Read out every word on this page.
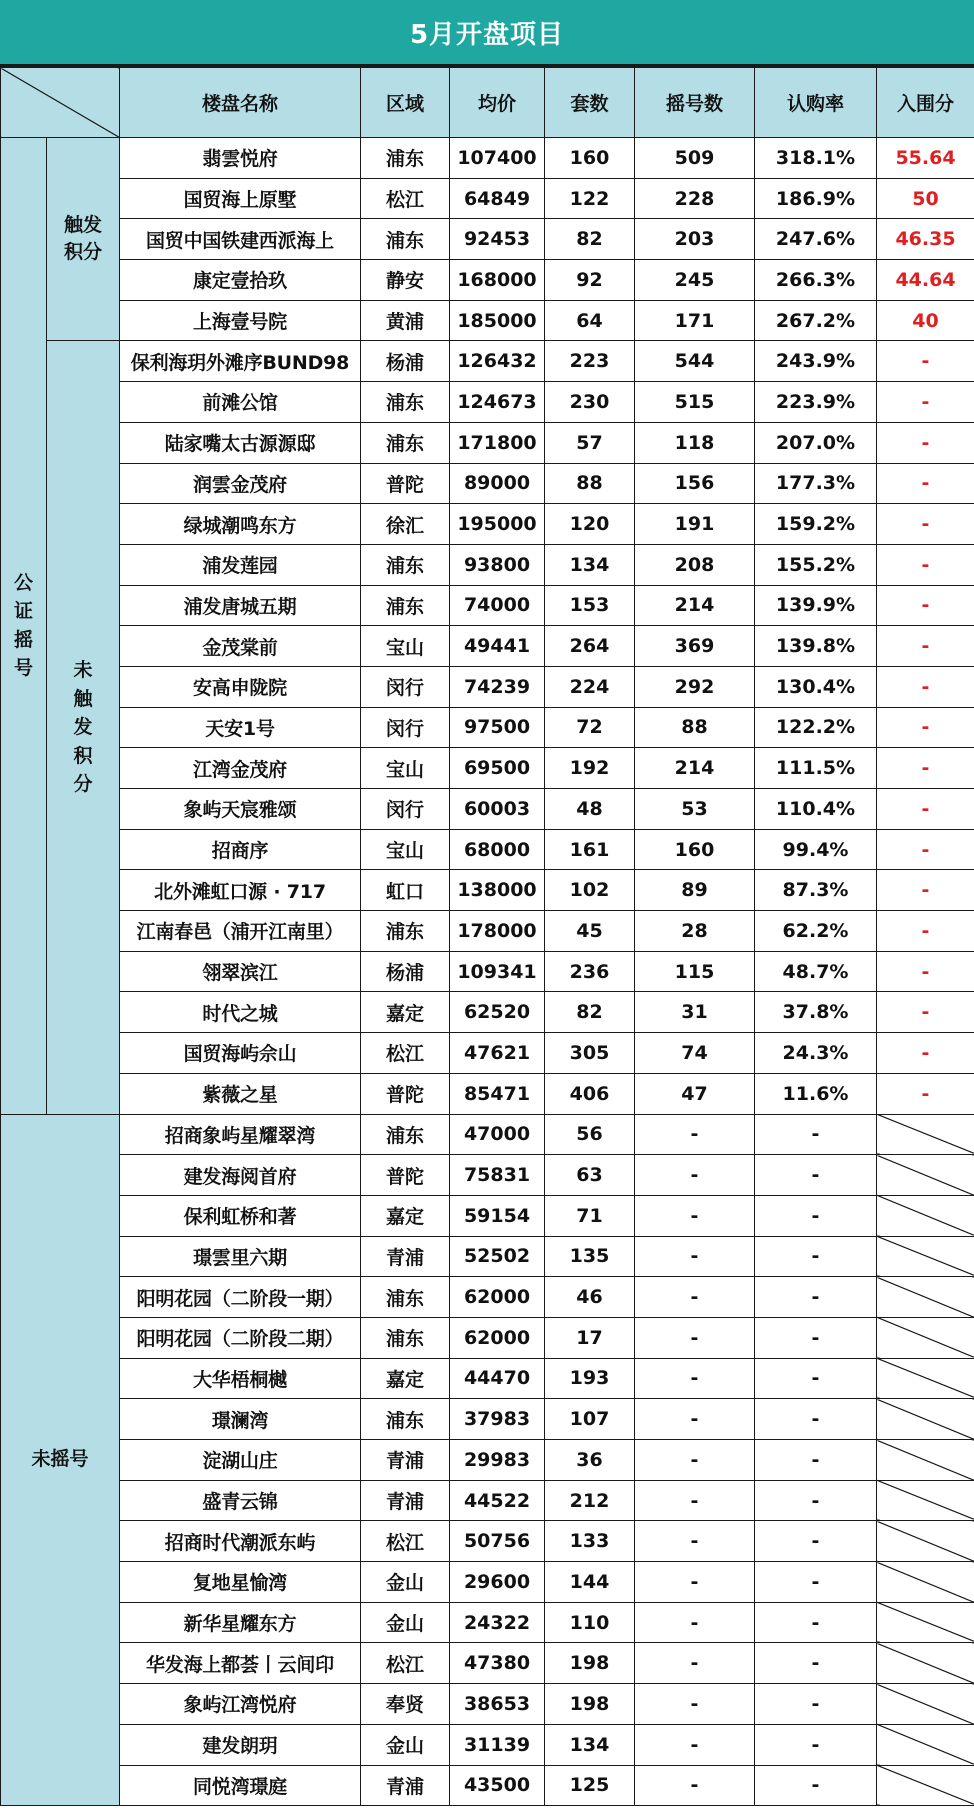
5月开盘项目
		楼盘名称	区域	均价	套数	摇号数	认购率	入围分
公证摇号	触发积分	翡雲悦府	浦东	107400	160	509	318.1%	55.64
		国贸海上原墅	松江	64849	122	228	186.9%	50
		国贸中国铁建西派海上	浦东	92453	82	203	247.6%	46.35
		康定壹拾玖	静安	168000	92	245	266.3%	44.64
		上海壹号院	黄浦	185000	64	171	267.2%	40
	未触发积分	保利海玥外滩序BUND98	杨浦	126432	223	544	243.9%	-
		前滩公馆	浦东	124673	230	515	223.9%	-
		陆家嘴太古源源邸	浦东	171800	57	118	207.0%	-
		润雲金茂府	普陀	89000	88	156	177.3%	-
		绿城潮鸣东方	徐汇	195000	120	191	159.2%	-
		浦发莲园	浦东	93800	134	208	155.2%	-
		浦发唐城五期	浦东	74000	153	214	139.9%	-
		金茂棠前	宝山	49441	264	369	139.8%	-
		安高申陇院	闵行	74239	224	292	130.4%	-
		天安1号	闵行	97500	72	88	122.2%	-
		江湾金茂府	宝山	69500	192	214	111.5%	-
		象屿天宸雅颂	闵行	60003	48	53	110.4%	-
		招商序	宝山	68000	161	160	99.4%	-
		北外滩虹口源 · 717	虹口	138000	102	89	87.3%	-
		江南春邑（浦开江南里）	浦东	178000	45	28	62.2%	-
		翎翠滨江	杨浦	109341	236	115	48.7%	-
		时代之城	嘉定	62520	82	31	37.8%	-
		国贸海屿佘山	松江	47621	305	74	24.3%	-
		紫薇之星	普陀	85471	406	47	11.6%	-
未摇号		招商象屿星耀翠湾	浦东	47000	56	-	-	
		建发海阅首府	普陀	75831	63	-	-	
		保利虹桥和著	嘉定	59154	71	-	-	
		璟雲里六期	青浦	52502	135	-	-	
		阳明花园（二阶段一期）	浦东	62000	46	-	-	
		阳明花园（二阶段二期）	浦东	62000	17	-	-	
		大华梧桐樾	嘉定	44470	193	-	-	
		璟澜湾	浦东	37983	107	-	-	
		淀湖山庄	青浦	29983	36	-	-	
		盛青云锦	青浦	44522	212	-	-	
		招商时代潮派东屿	松江	50756	133	-	-	
		复地星愉湾	金山	29600	144	-	-	
		新华星耀东方	金山	24322	110	-	-	
		华发海上都荟丨云间印	松江	47380	198	-	-	
		象屿江湾悦府	奉贤	38653	198	-	-	
		建发朗玥	金山	31139	134	-	-	
		同悦湾璟庭	青浦	43500	125	-	-	
